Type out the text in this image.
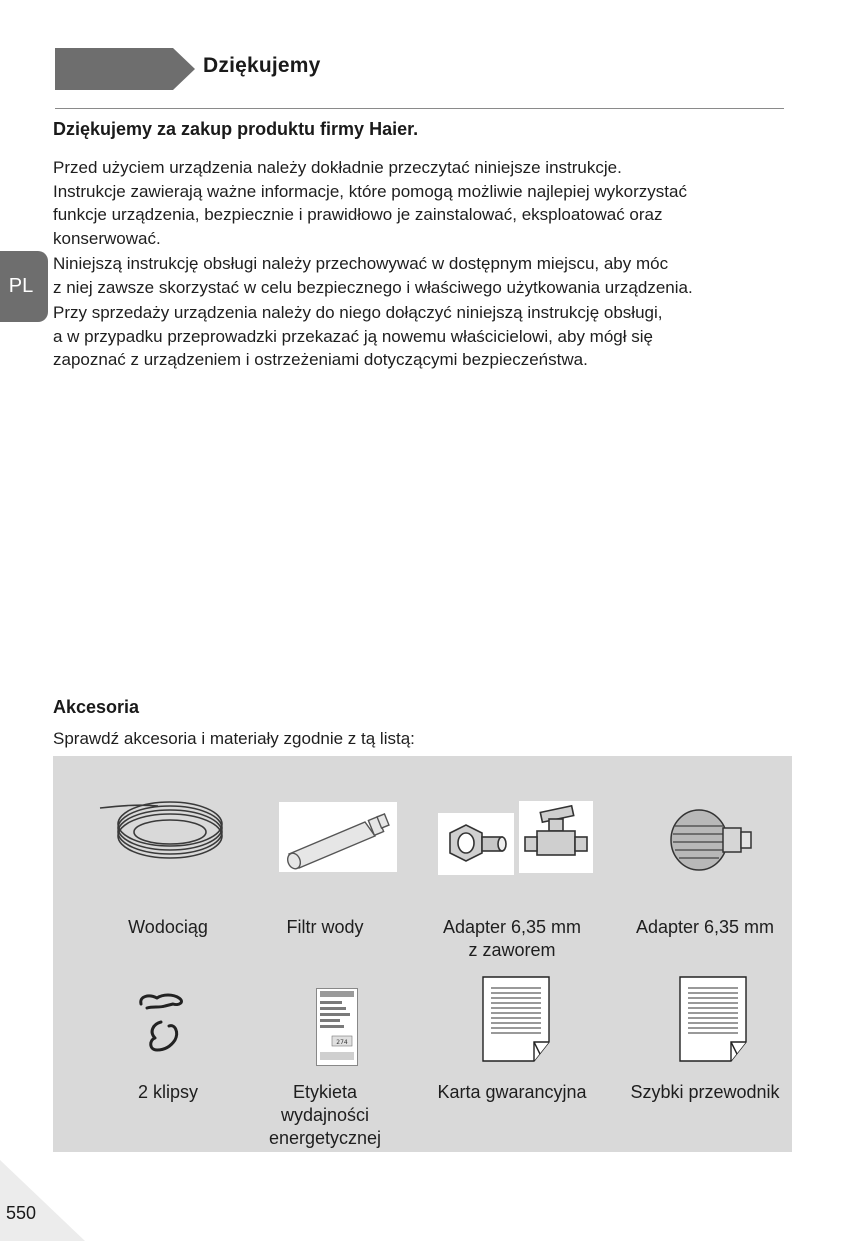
Dziękujemy
PL
Dziękujemy za zakup produktu firmy Haier.

Przed użyciem urządzenia należy dokładnie przeczytać niniejsze instrukcje.
Instrukcje zawierają ważne informacje, które pomogą możliwie najlepiej wykorzystać
funkcje urządzenia, bezpiecznie i prawidłowo je zainstalować, eksploatować oraz
konserwować.

Niniejszą instrukcję obsługi należy przechowywać w dostępnym miejscu, aby móc
z niej zawsze skorzystać w celu bezpiecznego i właściwego użytkowania urządzenia.

Przy sprzedaży urządzenia należy do niego dołączyć niniejszą instrukcję obsługi,
a w przypadku przeprowadzki przekazać ją nowemu właścicielowi, aby mógł się
zapoznać z urządzeniem i ostrzeżeniami dotyczącymi bezpieczeństwa.

Akcesoria

Sprawdź akcesoria i materiały zgodnie z tą listą:

Wodociąg	Filtr wody	Adapter 6,35 mm
z zaworem
Adapter 6,35 mm
274
2 klipsy	Etykieta
wydajności
energetycznej
Karta gwarancyjna	Szybki przewodnik
550
